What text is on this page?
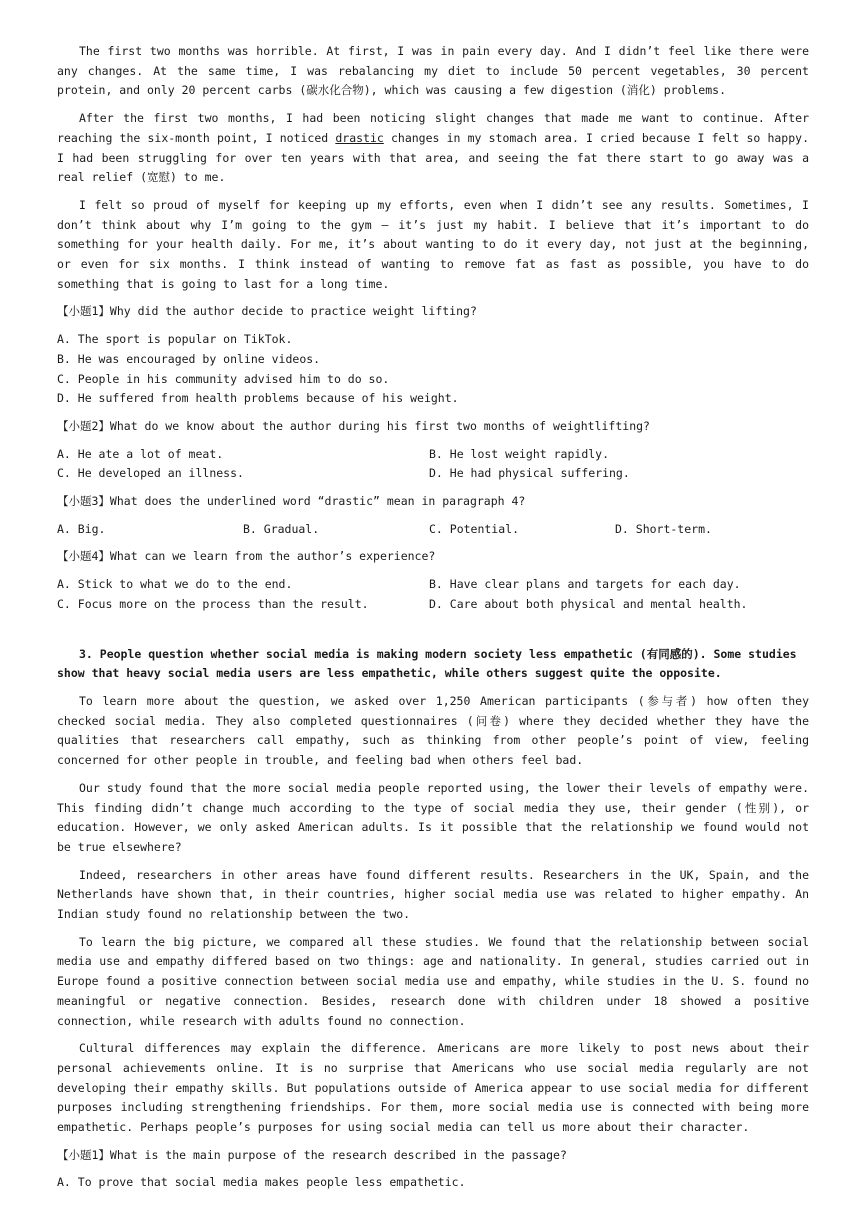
The first two months was horrible. At first, I was in pain every day. And I didn’t feel like there were any changes. At the same time, I was rebalancing my diet to include 50 percent vegetables, 30 percent protein, and only 20 percent carbs (碳水化合物), which was causing a few digestion (消化) problems.

After the first two months, I had been noticing slight changes that made me want to continue. After reaching the six-month point, I noticed drastic changes in my stomach area. I cried because I felt so happy. I had been struggling for over ten years with that area, and seeing the fat there start to go away was a real relief (宽慰) to me.

I felt so proud of myself for keeping up my efforts, even when I didn’t see any results. Sometimes, I don’t think about why I’m going to the gym — it’s just my habit. I believe that it’s important to do something for your health daily. For me, it’s about wanting to do it every day, not just at the beginning, or even for six months. I think instead of wanting to remove fat as fast as possible, you have to do something that is going to last for a long time.

【小题1】Why did the author decide to practice weight lifting?
A. The sport is popular on TikTok.
B. He was encouraged by online videos.
C. People in his community advised him to do so.
D. He suffered from health problems because of his weight.
【小题2】What do we know about the author during his first two months of weightlifting?
A. He ate a lot of meat.	B. He lost weight rapidly.
C. He developed an illness.	D. He had physical suffering.
【小题3】What does the underlined word “drastic” mean in paragraph 4?
A. Big.	B. Gradual.	C. Potential.	D. Short-term.
【小题4】What can we learn from the author’s experience?
A. Stick to what we do to the end.	B. Have clear plans and targets for each day.
C. Focus more on the process than the result.	D. Care about both physical and mental health.

3. People question whether social media is making modern society less empathetic (有同感的). Some studies show that heavy social media users are less empathetic, while others suggest quite the opposite.

To learn more about the question, we asked over 1,250 American participants (参与者) how often they checked social media. They also completed questionnaires (问卷) where they decided whether they have the qualities that researchers call empathy, such as thinking from other people’s point of view, feeling concerned for other people in trouble, and feeling bad when others feel bad.

Our study found that the more social media people reported using, the lower their levels of empathy were. This finding didn’t change much according to the type of social media they use, their gender (性别), or education. However, we only asked American adults. Is it possible that the relationship we found would not be true elsewhere?

Indeed, researchers in other areas have found different results. Researchers in the UK, Spain, and the Netherlands have shown that, in their countries, higher social media use was related to higher empathy. An Indian study found no relationship between the two.

To learn the big picture, we compared all these studies. We found that the relationship between social media use and empathy differed based on two things: age and nationality. In general, studies carried out in Europe found a positive connection between social media use and empathy, while studies in the U. S. found no meaningful or negative connection. Besides, research done with children under 18 showed a positive connection, while research with adults found no connection.

Cultural differences may explain the difference. Americans are more likely to post news about their personal achievements online. It is no surprise that Americans who use social media regularly are not developing their empathy skills. But populations outside of America appear to use social media for different purposes including strengthening friendships. For them, more social media use is connected with being more empathetic. Perhaps people’s purposes for using social media can tell us more about their character.

【小题1】What is the main purpose of the research described in the passage?
A. To prove that social media makes people less empathetic.
